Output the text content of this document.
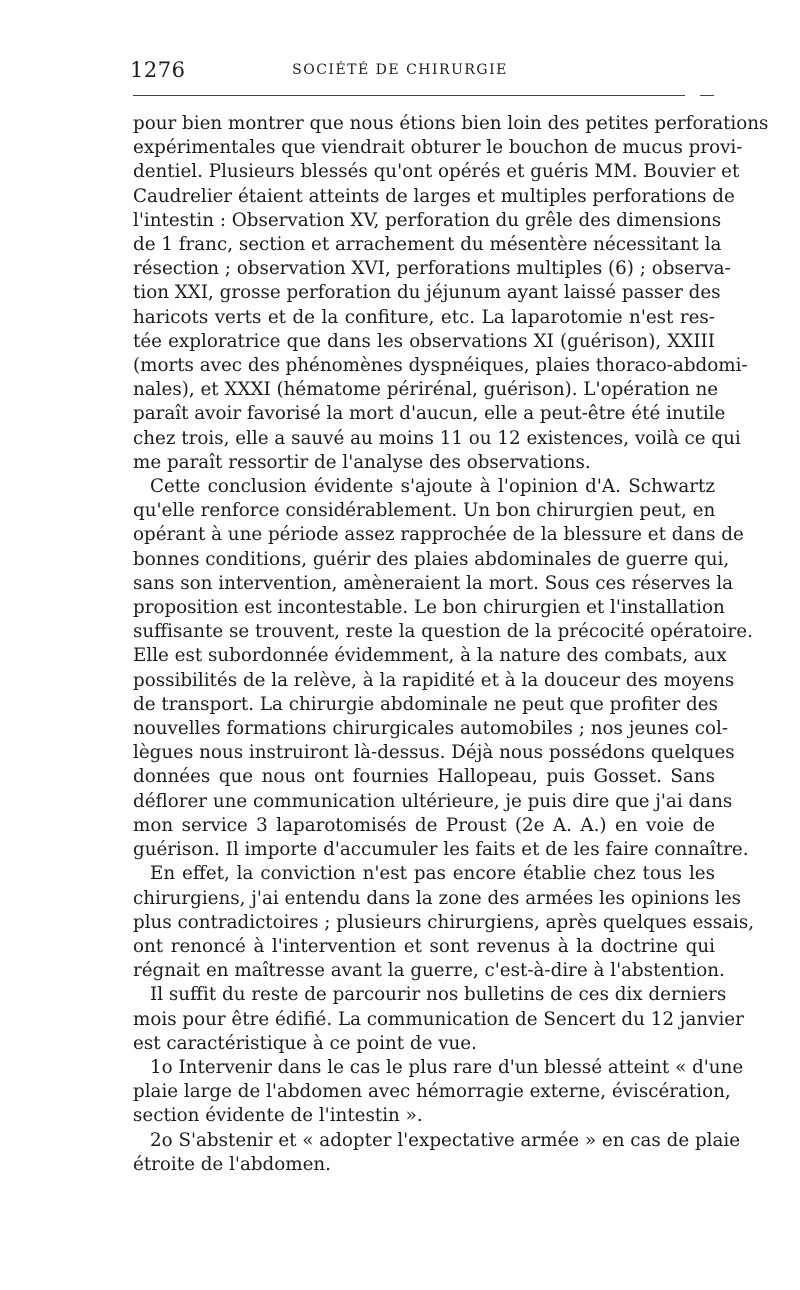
1276	SOCIÉTÉ DE CHIRURGIE
pour bien montrer que nous étions bien loin des petites perforations
expérimentales que viendrait obturer le bouchon de mucus provi-
dentiel. Plusieurs blessés qu'ont opérés et guéris MM. Bouvier et
Caudrelier étaient atteints de larges et multiples perforations de
l'intestin : Observation XV, perforation du grêle des dimensions
de 1 franc, section et arrachement du mésentère nécessitant la
résection ; observation XVI, perforations multiples (6) ; observa-
tion XXI, grosse perforation du jéjunum ayant laissé passer des
haricots verts et de la confiture, etc. La laparotomie n'est res-
tée exploratrice que dans les observations XI (guérison), XXIII
(morts avec des phénomènes dyspnéiques, plaies thoraco-abdomi-
nales), et XXXI (hématome périrénal, guérison). L'opération ne
paraît avoir favorisé la mort d'aucun, elle a peut-être été inutile
chez trois, elle a sauvé au moins 11 ou 12 existences, voilà ce qui
me paraît ressortir de l'analyse des observations.
Cette conclusion évidente s'ajoute à l'opinion d'A. Schwartz
qu'elle renforce considérablement. Un bon chirurgien peut, en
opérant à une période assez rapprochée de la blessure et dans de
bonnes conditions, guérir des plaies abdominales de guerre qui,
sans son intervention, amèneraient la mort. Sous ces réserves la
proposition est incontestable. Le bon chirurgien et l'installation
suffisante se trouvent, reste la question de la précocité opératoire.
Elle est subordonnée évidemment, à la nature des combats, aux
possibilités de la relève, à la rapidité et à la douceur des moyens
de transport. La chirurgie abdominale ne peut que profiter des
nouvelles formations chirurgicales automobiles ; nos jeunes col-
lègues nous instruiront là-dessus. Déjà nous possédons quelques
données que nous ont fournies Hallopeau, puis Gosset. Sans
déflorer une communication ultérieure, je puis dire que j'ai dans
mon service 3 laparotomisés de Proust (2e A. A.) en voie de
guérison. Il importe d'accumuler les faits et de les faire connaître.
En effet, la conviction n'est pas encore établie chez tous les
chirurgiens, j'ai entendu dans la zone des armées les opinions les
plus contradictoires ; plusieurs chirurgiens, après quelques essais,
ont renoncé à l'intervention et sont revenus à la doctrine qui
régnait en maîtresse avant la guerre, c'est-à-dire à l'abstention.
Il suffit du reste de parcourir nos bulletins de ces dix derniers
mois pour être édifié. La communication de Sencert du 12 janvier
est caractéristique à ce point de vue.
1o Intervenir dans le cas le plus rare d'un blessé atteint « d'une
plaie large de l'abdomen avec hémorragie externe, éviscération,
section évidente de l'intestin ».
2o S'abstenir et « adopter l'expectative armée » en cas de plaie
étroite de l'abdomen.
